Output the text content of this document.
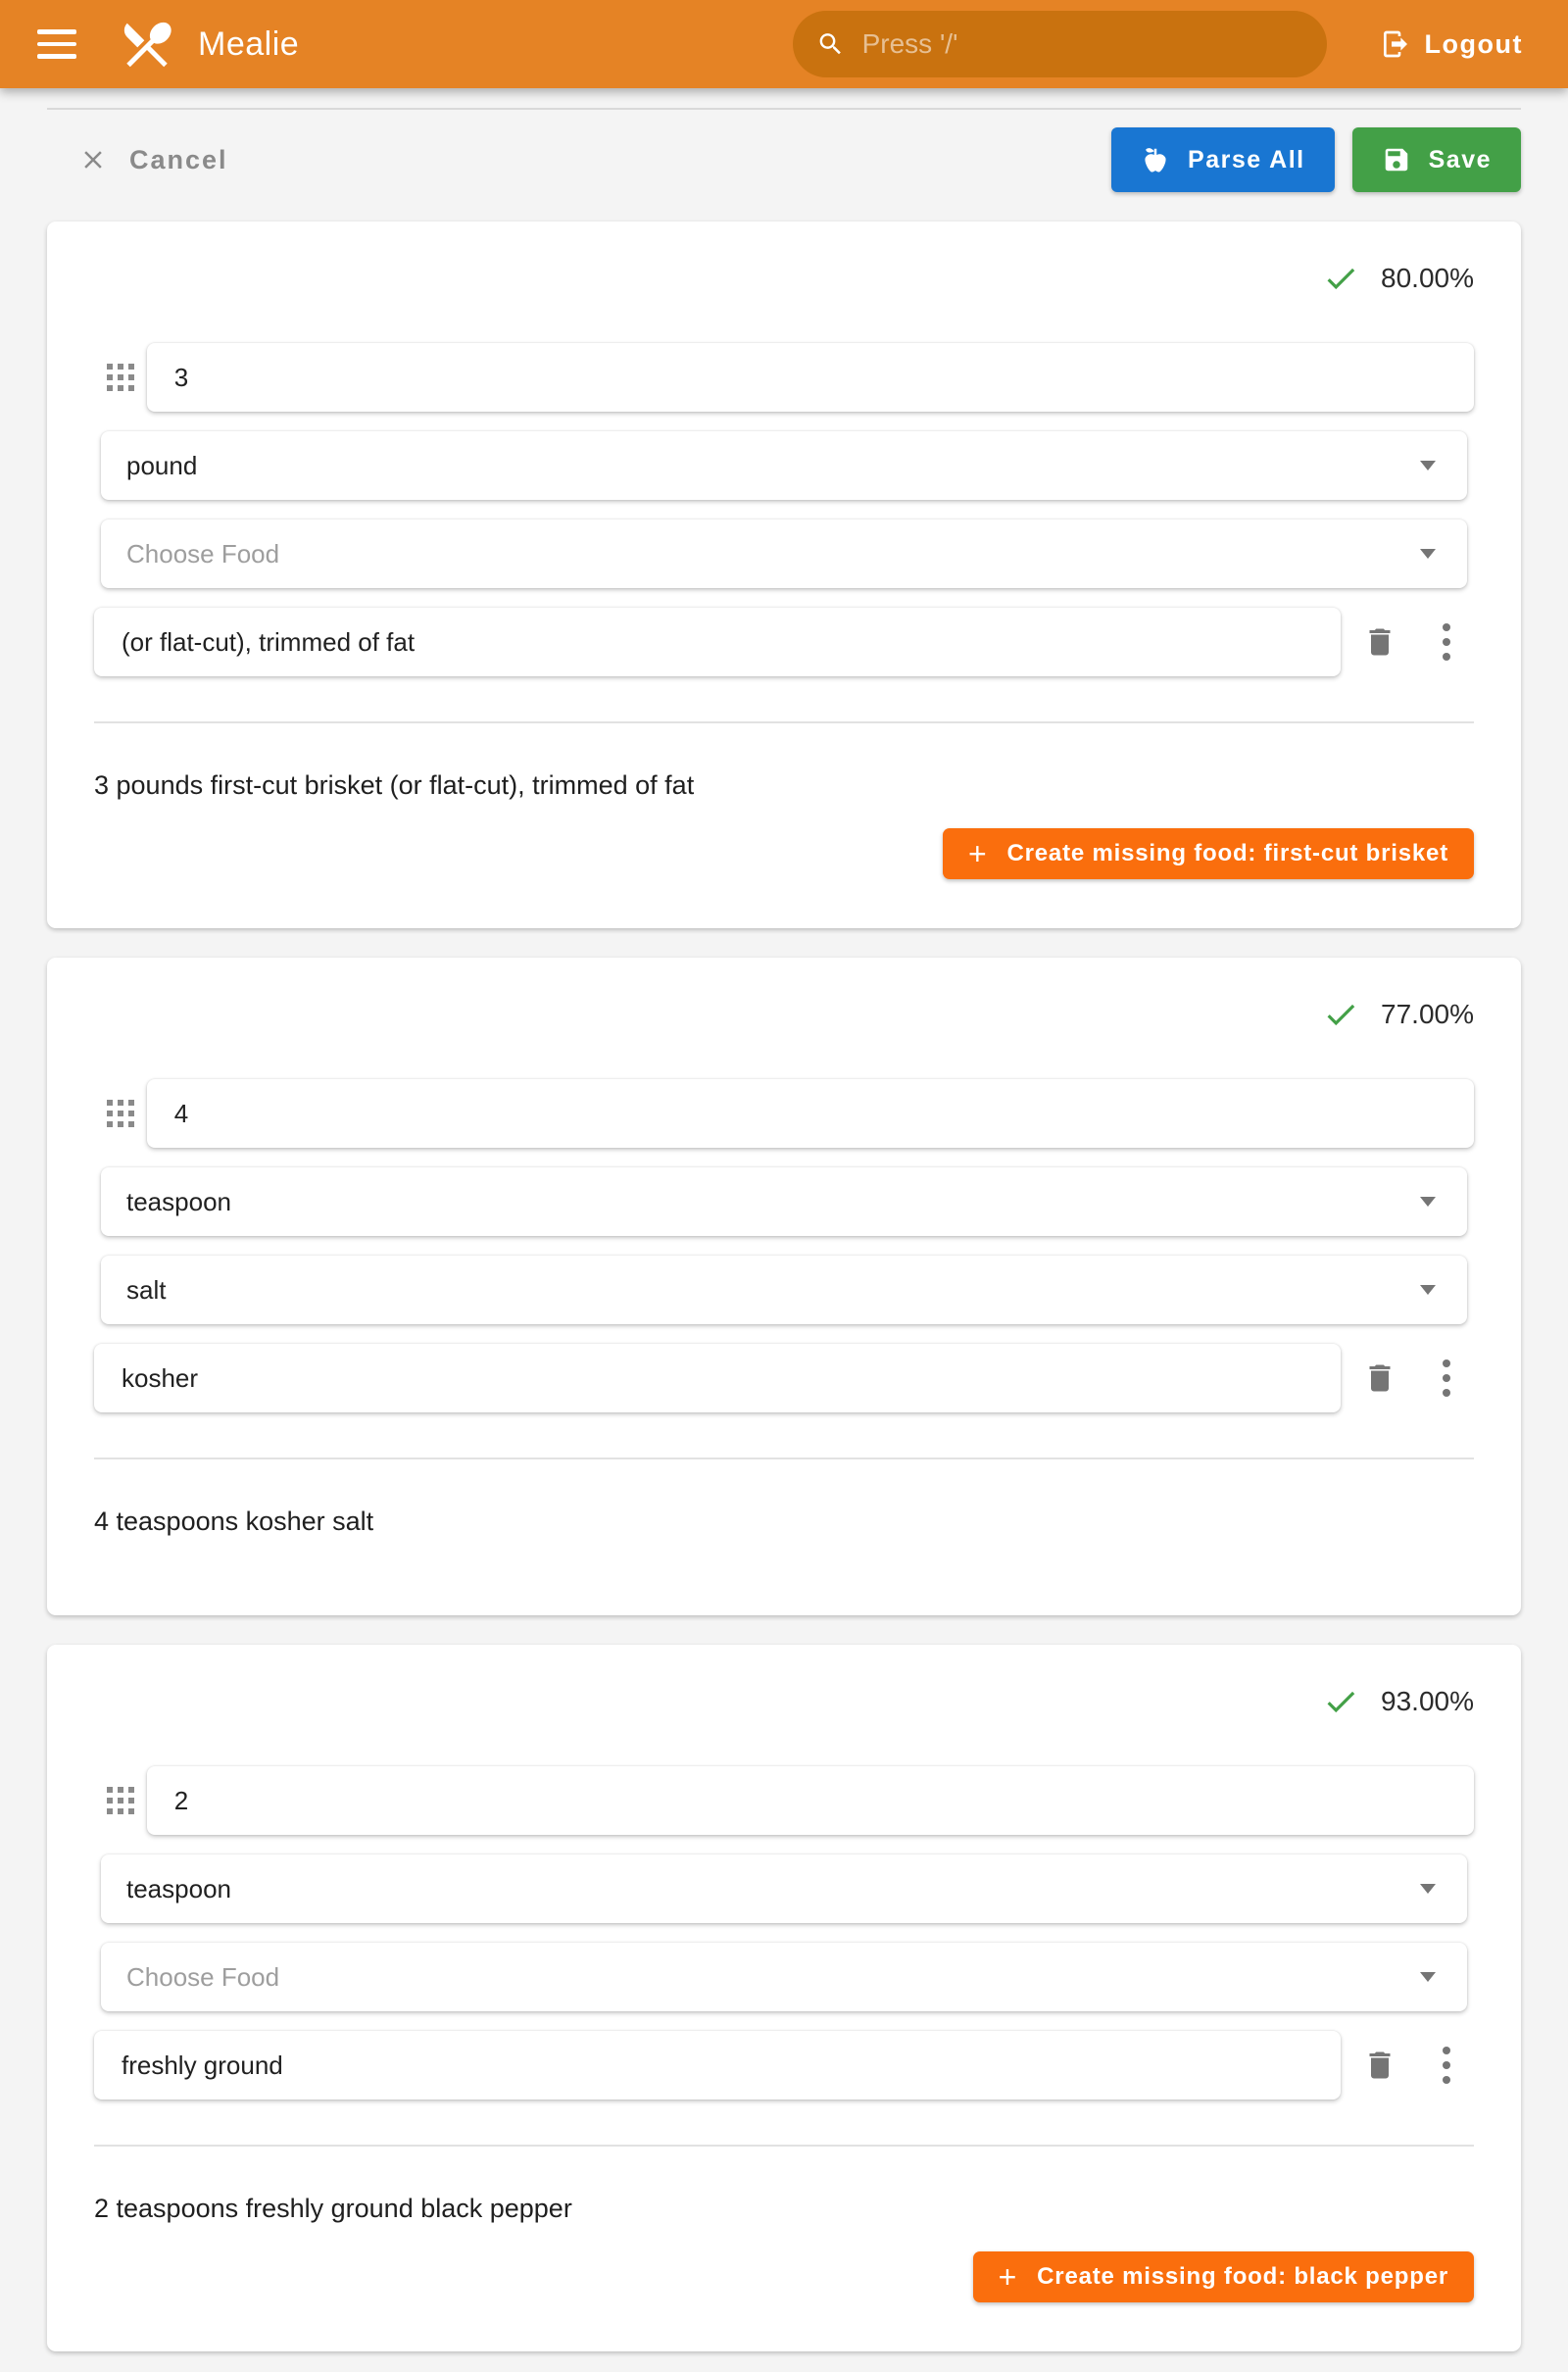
Mealie
Press '/'	Logout
Cancel	Parse All	Save
80.00%
3
pound
Choose Food
(or flat-cut), trimmed of fat

3 pounds first-cut brisket (or flat-cut), trimmed of fat

+ Create missing food: first-cut brisket
77.00%
4
teaspoon
salt
kosher

4 teaspoons kosher salt

93.00%
2
teaspoon
Choose Food
freshly ground

2 teaspoons freshly ground black pepper

+ Create missing food: black pepper
